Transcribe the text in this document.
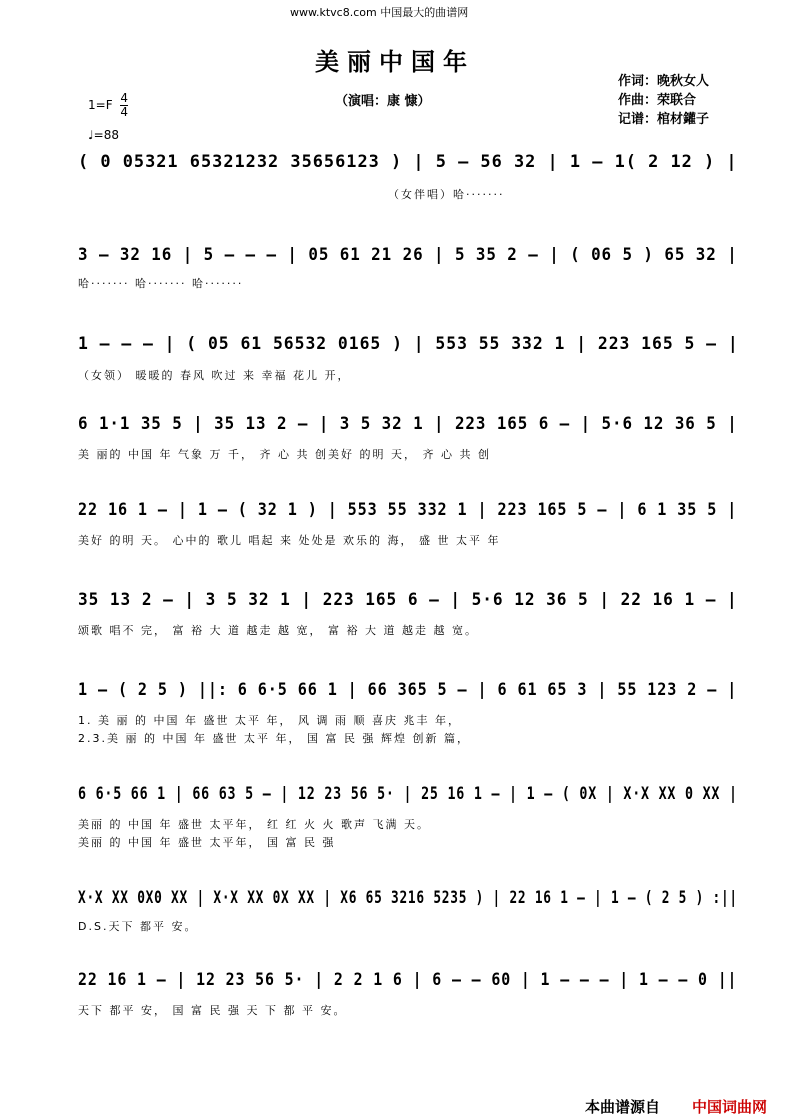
www.ktvc8.com 中国最大的曲谱网
美丽中国年
（演唱：康 慷）
作词：晚秋女人
作曲：荣联合
记谱：棺材鑵子
$1=F \frac{4}{4}$
♩=88
( 0 05321 65321232 35656123 ) | 5 — 56 32 | 1 — 1( 2 12 ) |
（女伴唱）哈·······
3 — 32 16 | 5 — — — | 05 61 21 26 | 5 35 2 — | ( 06 5 ) 65 32 |
哈······· 哈······· 哈·······
1 — — — | ( 05 61 56532 0165 ) | 553 55 332 1 | 223 165 5 — |
（女领） 暖暖的 春风 吹过 来 幸福 花儿 开，
6 1·1 35 5 | 35 13 2 — | 3 5 32 1 | 223 165 6 — | 5·6 12 36 5 |
美 丽的 中国 年 气象 万 千， 齐 心 共 创美好 的明 天， 齐 心 共 创
22 16 1 — | 1 — ( 32 1 ) | 553 55 332 1 | 223 165 5 — | 6 1 35 5 |
美好 的明 天。 心中的 歌儿 唱起 来 处处是 欢乐的 海， 盛 世 太平 年
35 13 2 — | 3 5 32 1 | 223 165 6 — | 5·6 12 36 5 | 22 16 1 — |
颂歌 唱不 完， 富 裕 大 道 越走 越 宽， 富 裕 大 道 越走 越 宽。
1 — ( 2 5 ) ||: 6 6·5 66 1 | 66 365 5 — | 6 61 65 3 | 55 123 2 — |
1. 美 丽 的 中国 年 盛世 太平 年， 风 调 雨 顺 喜庆 兆丰 年，
2.3.美 丽 的 中国 年 盛世 太平 年， 国 富 民 强 辉煌 创新 篇，
6 6·5 66 1 | 66 63 5 — | 12 23 56 5· | 25 16 1 — | 1 — ( 0X | X·X XX 0 XX |
美丽 的 中国 年 盛世 太平年， 红 红 火 火 歌声 飞满 天。
美丽 的 中国 年 盛世 太平年， 国 富 民 强
X·X XX 0X0 XX | X·X XX 0X XX | X6 65 3216 5235 ) | 22 16 1 — | 1 — ( 2 5 ) :||
D.S.天下 都平 安。
22 16 1 — | 12 23 56 5· | 2 2 1 6 | 6 — — 60 | 1 — — — | 1 — — 0 ||
天下 都平 安， 国 富 民 强 天 下 都 平 安。
本曲谱源自 中国词曲网
